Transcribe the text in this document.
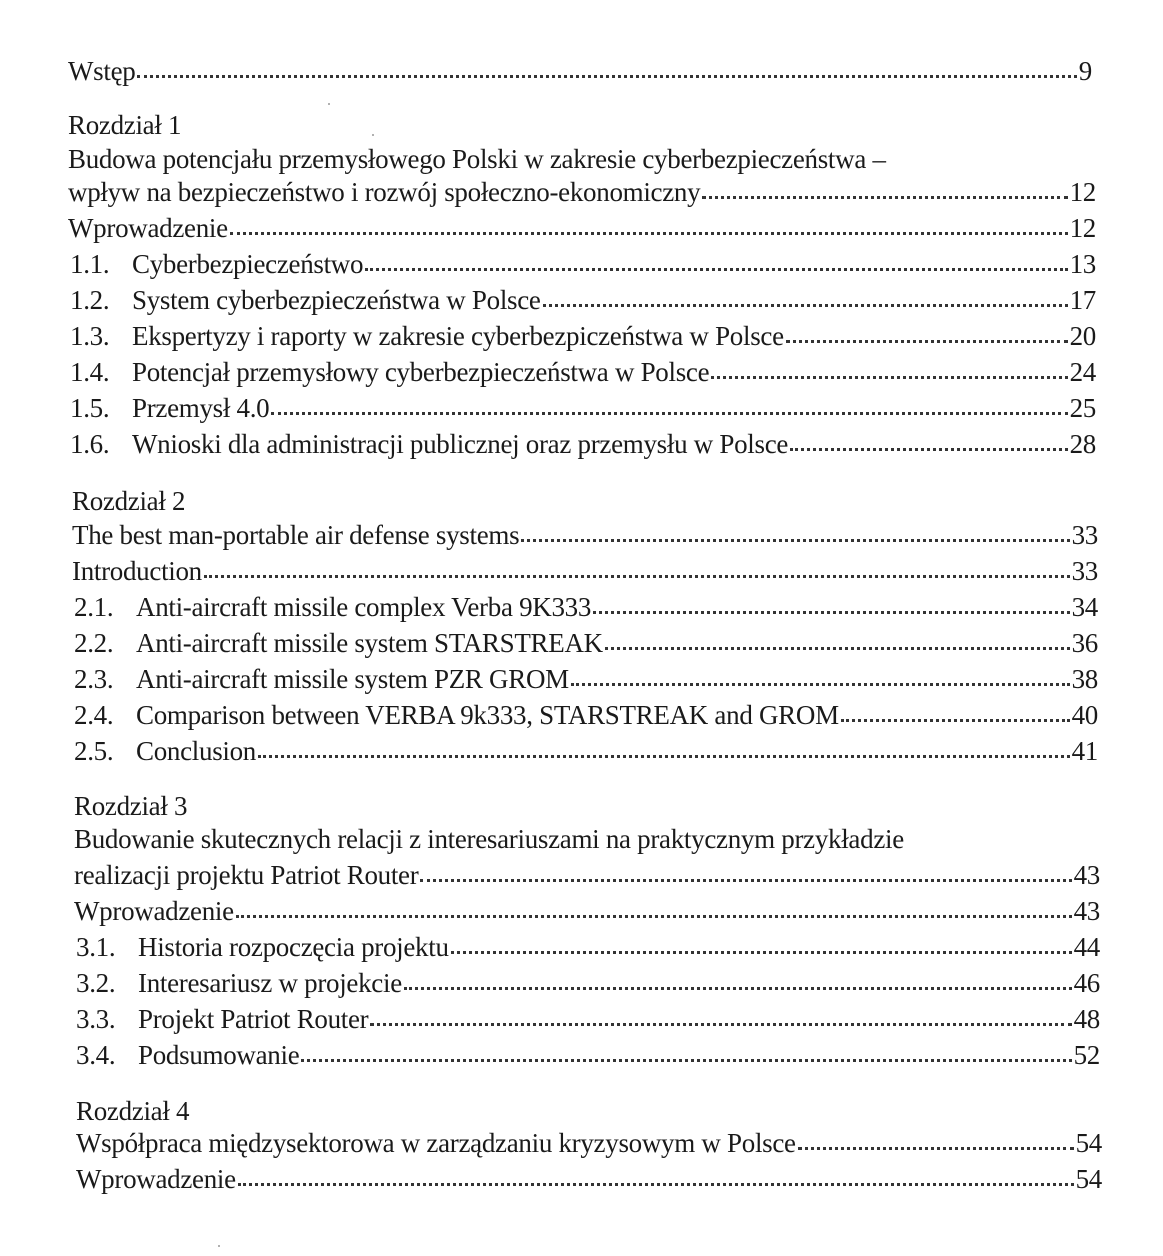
Wstęp	9
Rozdział 1
Budowa potencjału przemysłowego Polski w zakresie cyberbezpieczeństwa –
wpływ na bezpieczeństwo i rozwój społeczno-ekonomiczny	12
Wprowadzenie	12
1.1. Cyberbezpieczeństwo	13
1.2. System cyberbezpieczeństwa w Polsce	17
1.3. Ekspertyzy i raporty w zakresie cyberbezpiczeństwa w Polsce	20
1.4. Potencjał przemysłowy cyberbezpieczeństwa w Polsce	24
1.5. Przemysł 4.0	25
1.6. Wnioski dla administracji publicznej oraz przemysłu w Polsce	28
Rozdział 2
The best man-portable air defense systems	33
Introduction	33
2.1. Anti-aircraft missile complex Verba 9K333	34
2.2. Anti-aircraft missile system STARSTREAK	36
2.3. Anti-aircraft missile system PZR GROM	38
2.4. Comparison between VERBA 9k333, STARSTREAK and GROM	40
2.5. Conclusion	41
Rozdział 3
Budowanie skutecznych relacji z interesariuszami na praktycznym przykładzie
realizacji projektu Patriot Router	43
Wprowadzenie	43
3.1. Historia rozpoczęcia projektu	44
3.2. Interesariusz w projekcie	46
3.3. Projekt Patriot Router	48
3.4. Podsumowanie	52
Rozdział 4
Współpraca międzysektorowa w zarządzaniu kryzysowym w Polsce	54
Wprowadzenie	54
